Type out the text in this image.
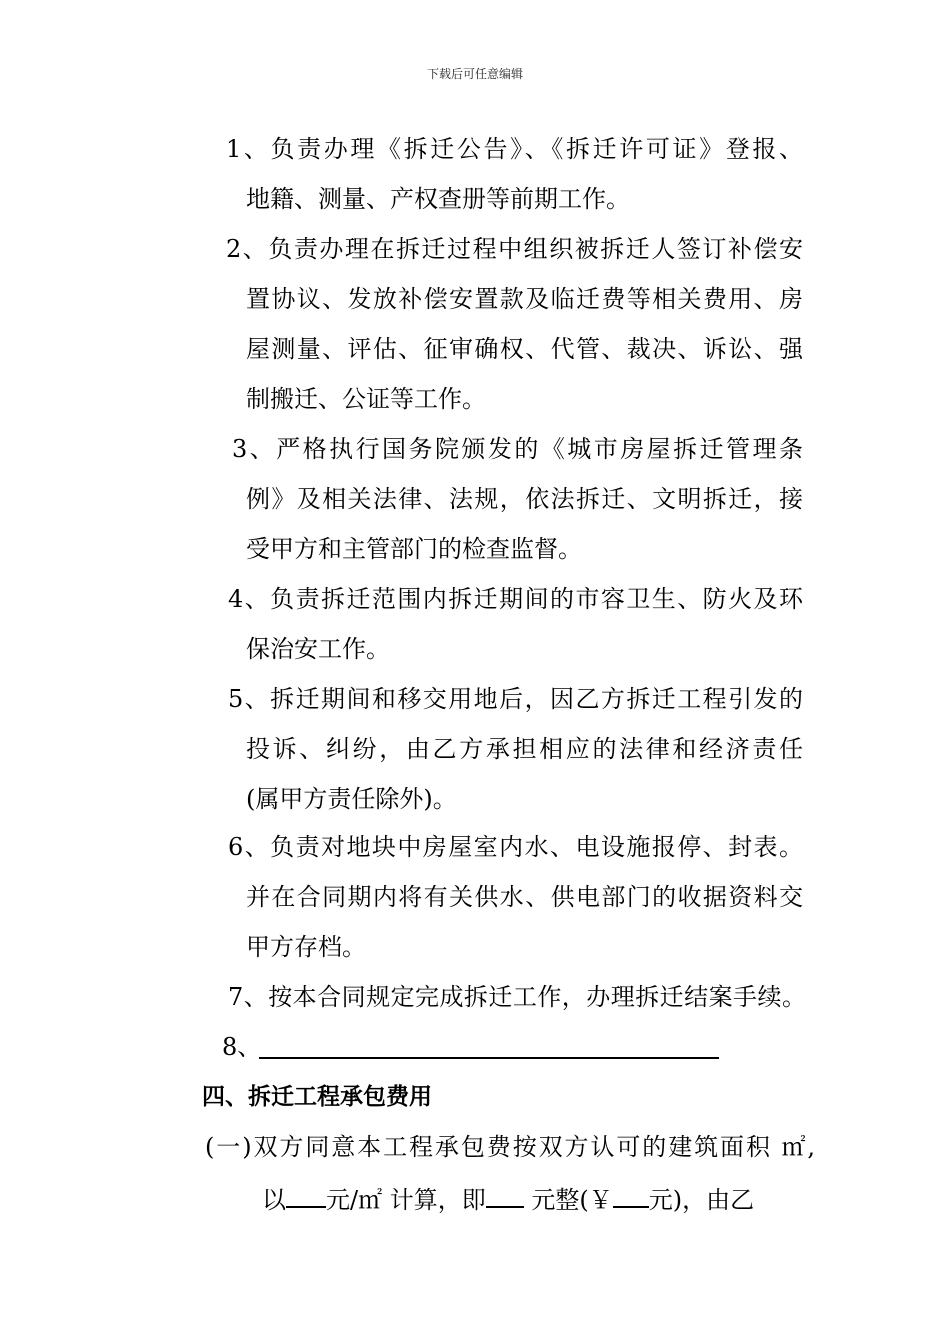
下载后可任意编辑
1、负责办理《拆迁公告》、《拆迁许可证》登报、
地籍、测量、产权查册等前期工作。
2、负责办理在拆迁过程中组织被拆迁人签订补偿安
置协议、发放补偿安置款及临迁费等相关费用、房
屋测量、评估、征审确权、代管、裁决、诉讼、强
制搬迁、公证等工作。
3、严格执行国务院颁发的《城市房屋拆迁管理条
例》及相关法律、法规，依法拆迁、文明拆迁，接
受甲方和主管部门的检查监督。
4、负责拆迁范围内拆迁期间的市容卫生、防火及环
保治安工作。
5、拆迁期间和移交用地后，因乙方拆迁工程引发的
投诉、纠纷，由乙方承担相应的法律和经济责任
(属甲方责任除外)。
6、负责对地块中房屋室内水、电设施报停、封表。
并在合同期内将有关供水、供电部门的收据资料交
甲方存档。
7、按本合同规定完成拆迁工作，办理拆迁结案手续。
8、
四、拆迁工程承包费用
(一)双方同意本工程承包费按双方认可的建筑面积 ㎡,
以 元/㎡ 计算，即 元整(￥ 元)，由乙
